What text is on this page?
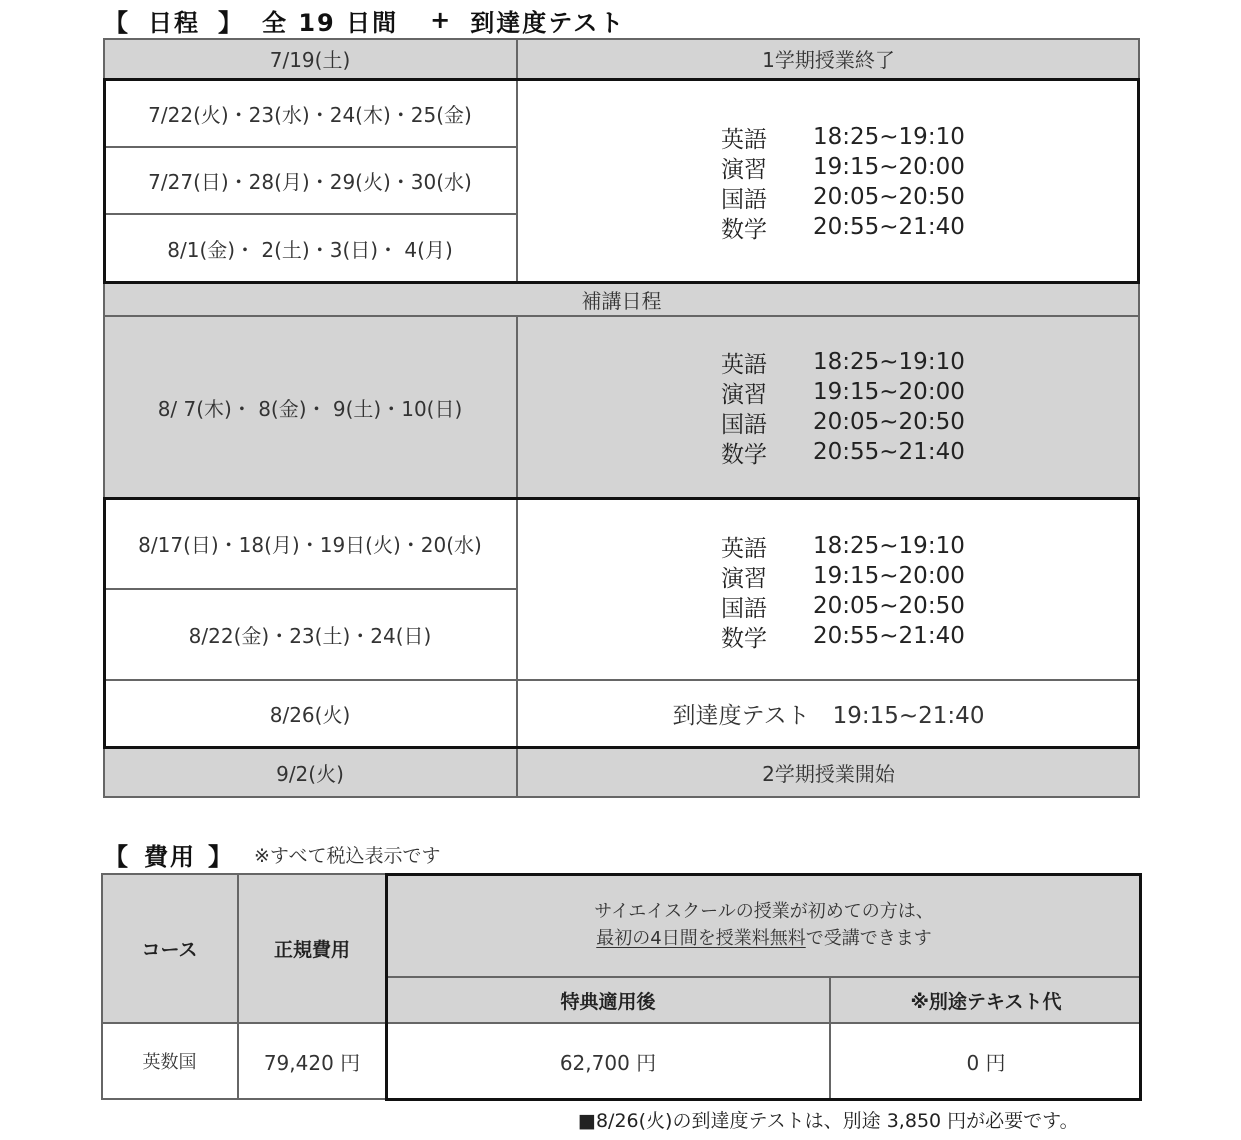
【 日程 】 全 19 日間 + 到達度テスト
7/19(土)	1学期授業終了
7/22(火)・23(水)・24(木)・25(金)
7/27(日)・28(月)・29(火)・30(水)
8/1(金)・ 2(土)・3(日)・ 4(月)
英語	18:25~19:10
演習	19:15~20:00
国語	20:05~20:50
数学	20:55~21:40
補講日程
8/ 7(木)・ 8(金)・ 9(土)・10(日)
英語	18:25~19:10
演習	19:15~20:00
国語	20:05~20:50
数学	20:55~21:40
8/17(日)・18(月)・19日(火)・20(水)
8/22(金)・23(土)・24(日)
英語	18:25~19:10
演習	19:15~20:00
国語	20:05~20:50
数学	20:55~21:40
8/26(火)	到達度テスト　19:15~21:40
9/2(火)	2学期授業開始
【 費用 】 ※すべて税込表示です
コース	正規費用
サイエイスクールの授業が初めての方は、
最初の4日間を授業料無料で受講できます
特典適用後	※別途テキスト代
英数国	79,420 円	62,700 円	0 円
■8/26(火)の到達度テストは、別途 3,850 円が必要です。
